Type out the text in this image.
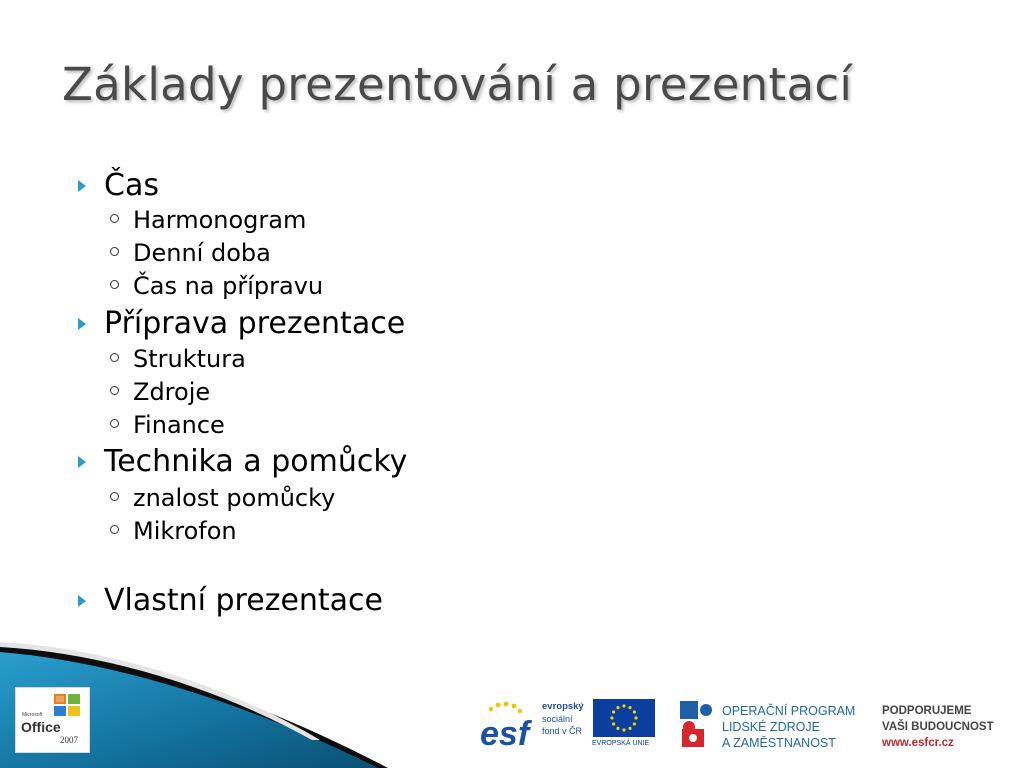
Základy prezentování a prezentací
Čas
Harmonogram
Denní doba
Čas na přípravu
Příprava prezentace
Struktura
Zdroje
Finance
Technika a pomůcky
znalost pomůcky
Mikrofon
Vlastní prezentace
Microsoft
Office
2007	esf
evropský
sociální
fond v ČR
EVROPSKÁ UNIE
OPERAČNÍ PROGRAM
LIDSKÉ ZDROJE
A ZAMĚSTNANOST
PODPORUJEME
VAŠI BUDOUCNOST
www.esfcr.cz
